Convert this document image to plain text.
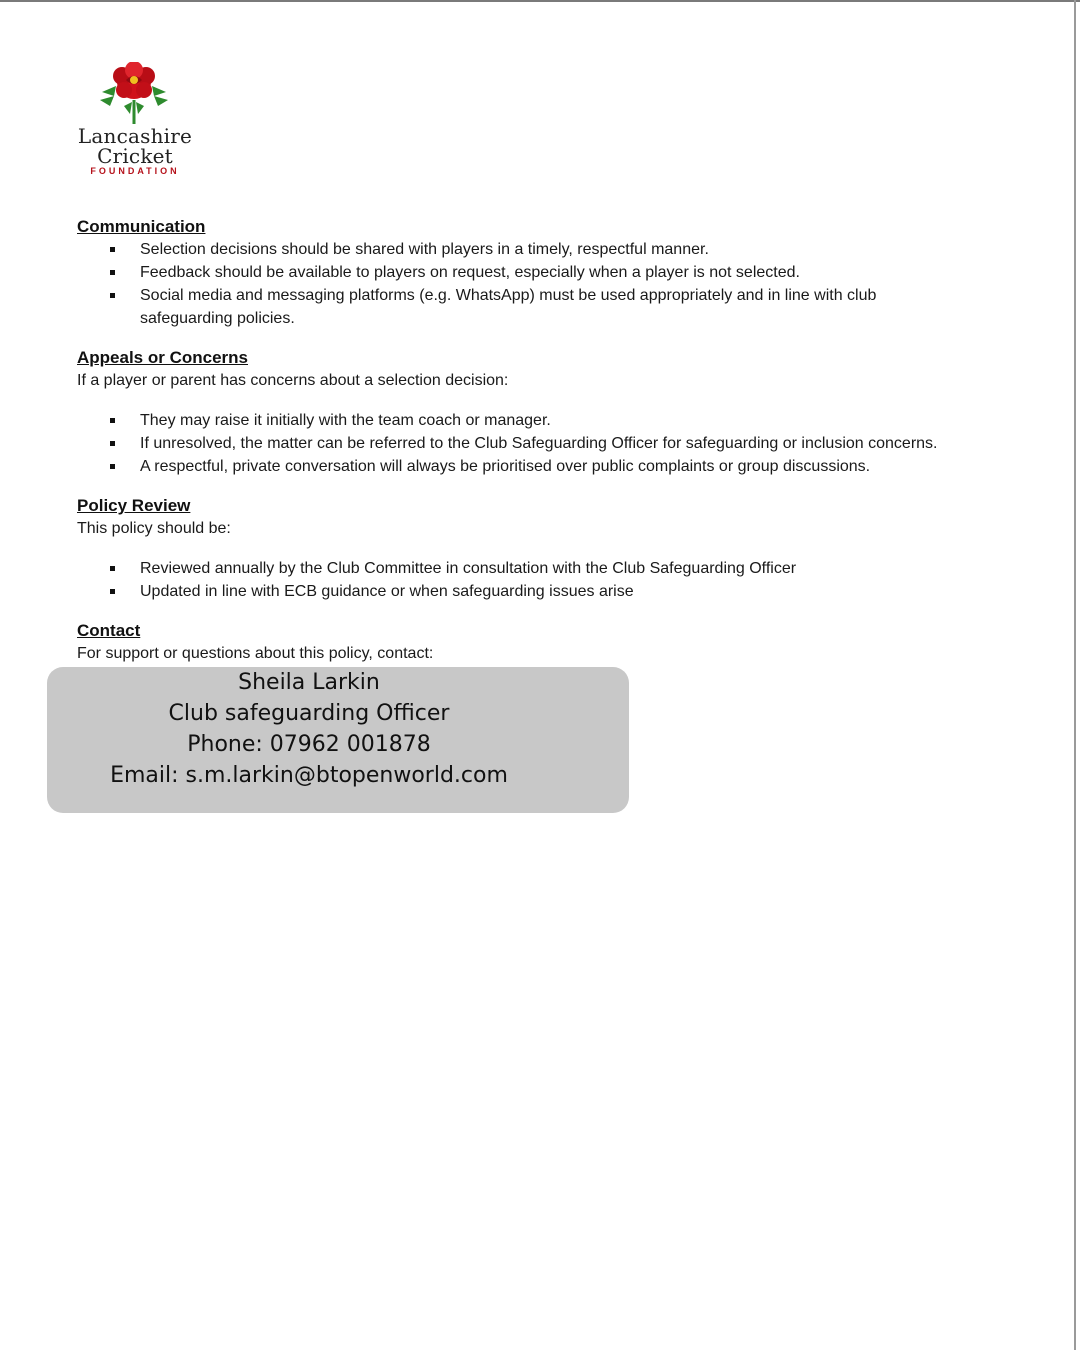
Lancashire
Cricket
FOUNDATION

Communication

Selection decisions should be shared with players in a timely, respectful manner.
Feedback should be available to players on request, especially when a player is not selected.
Social media and messaging platforms (e.g. WhatsApp) must be used appropriately and in line with club safeguarding policies.

Appeals or Concerns

If a player or parent has concerns about a selection decision:

They may raise it initially with the team coach or manager.
If unresolved, the matter can be referred to the Club Safeguarding Officer for safeguarding or inclusion concerns.
A respectful, private conversation will always be prioritised over public complaints or group discussions.

Policy Review

This policy should be:

Reviewed annually by the Club Committee in consultation with the Club Safeguarding Officer
Updated in line with ECB guidance or when safeguarding issues arise

Contact

For support or questions about this policy, contact:

Sheila Larkin
Club safeguarding Officer
Phone: 07962 001878
Email: s.m.larkin@btopenworld.com
